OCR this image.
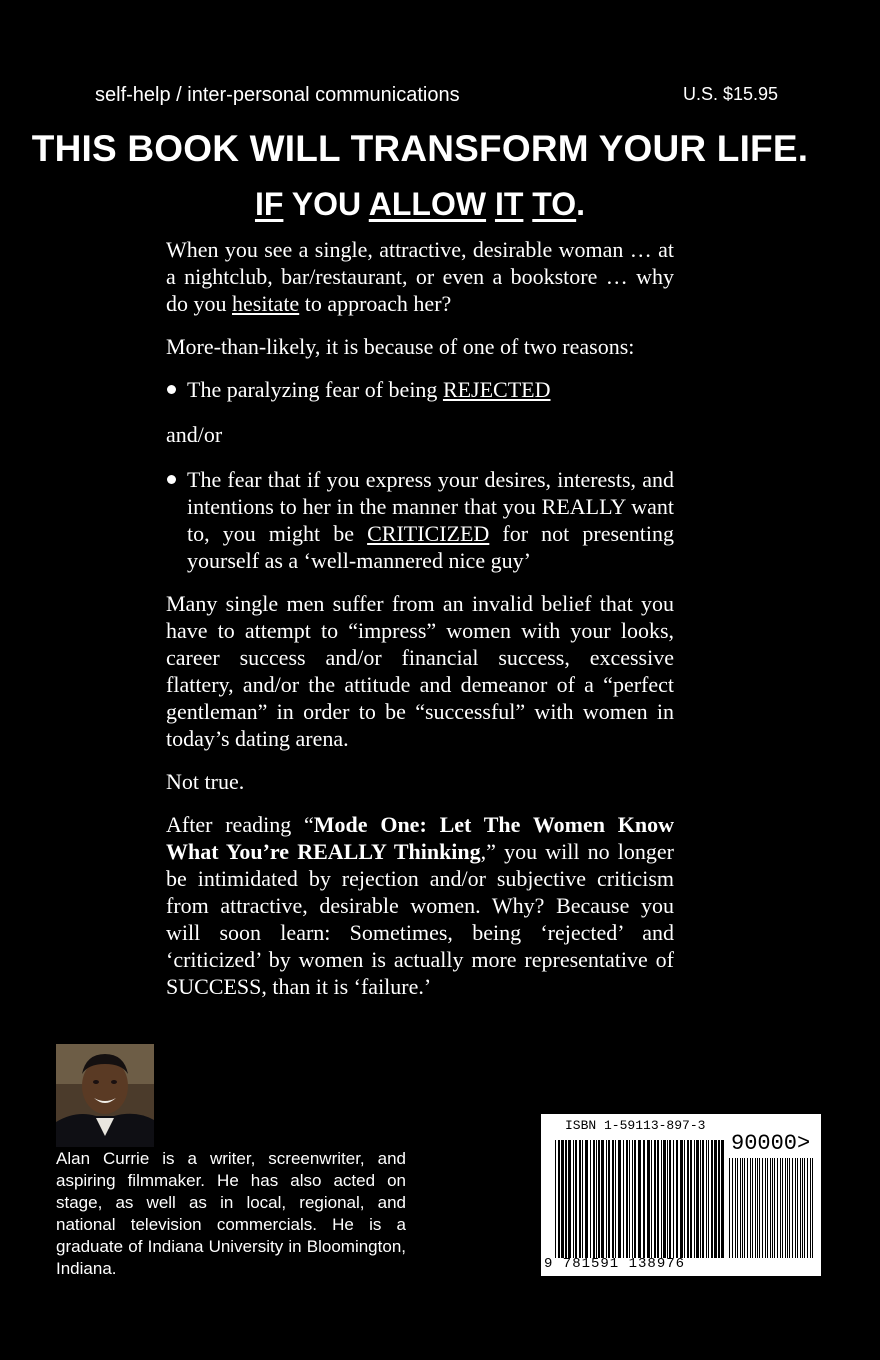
self-help / inter-personal communications	U.S. $15.95
THIS BOOK WILL TRANSFORM YOUR LIFE.
IF YOU ALLOW IT TO.

When you see a single, attractive, desirable woman … at a nightclub, bar/restaurant, or even a bookstore … why do you hesitate to approach her?

More-than-likely, it is because of one of two reasons:

The paralyzing fear of being REJECTED

and/or

The fear that if you express your desires, interests, and intentions to her in the manner that you REALLY want to, you might be CRITICIZED for not presenting yourself as a ‘well-mannered nice guy’

Many single men suffer from an invalid belief that you have to attempt to “impress” women with your looks, career success and/or financial success, excessive flattery, and/or the attitude and demeanor of a “perfect gentleman” in order to be “successful” with women in today’s dating arena.

Not true.

After reading “Mode One: Let The Women Know What You’re REALLY Thinking,” you will no longer be intimidated by rejection and/or subjective criticism from attractive, desirable women. Why? Because you will soon learn: Sometimes, being ‘rejected’ and ‘criticized’ by women is actually more representative of SUCCESS, than it is ‘failure.’

Alan Currie is a writer, screenwriter, and aspiring filmmaker. He has also acted on stage, as well as in local, regional, and national television commercials. He is a graduate of Indiana University in Bloomington, Indiana.
ISBN 1-59113-897-3
90000>
9 781591 138976
